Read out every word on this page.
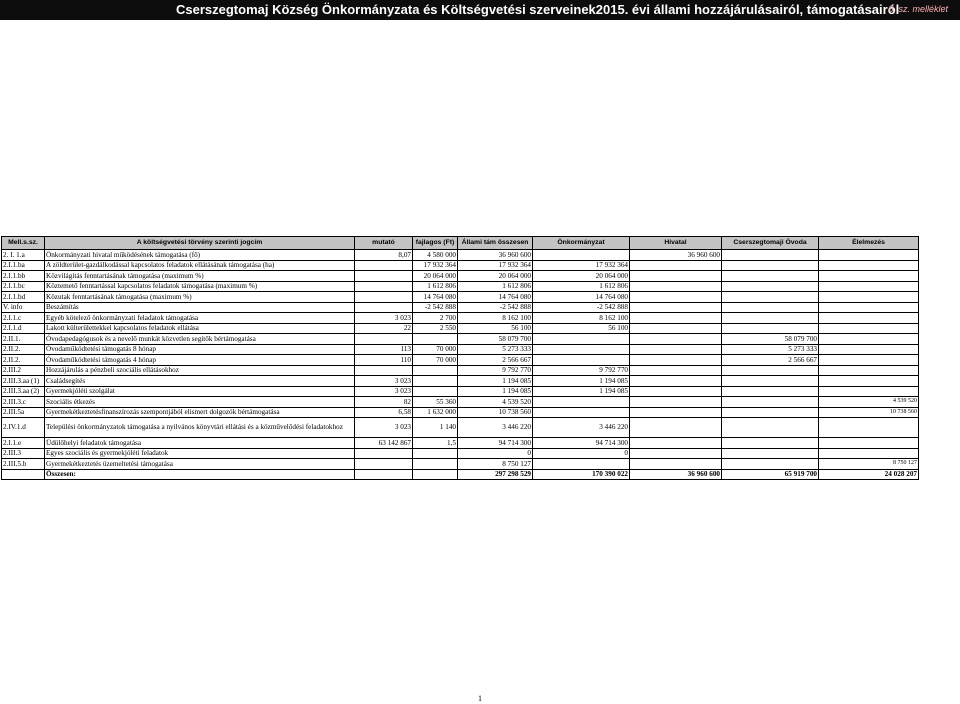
Cserszegtomaj Község Önkormányzata és Költségvetési szerveinek2015. évi állami hozzájárulásairól, támogatásairól
8. sz. melléklet
Mell.s.sz.	A költségvetési törvény szerinti jogcím	mutató	fajlagos (Ft)	Állami tám összesen	Önkormányzat	Hivatal	Cserszegtomaji Óvoda	Élelmezés
2. I. 1.a	Önkormányzati hivatal működésének támogatása (fő)	8,07	4 580 000	36 960 600		36 960 600		
2.I.1.ba	A zöldterület-gazdálkodással kapcsolatos feladatok ellátásának támogatása (ha)		17 932 364	17 932 364	17 932 364			
2.I.1.bb	Közvilágítás fenntartásának támogatása (maximum %)		20 064 000	20 064 000	20 064 000			
2.I.1.bc	Köztemető fenntartással kapcsolatos feladatok támogatása (maximum %)		1 612 806	1 612 806	1 612 806			
2.I.1.bd	Közutak fenntartásának támogatása (maximum %)		14 764 080	14 764 080	14 764 080			
V. info	Beszámítás		-2 542 888	-2 542 888	-2 542 888			
2.I.1.c	Egyéb kötelező önkormányzati feladatok támogatása	3 023	2 700	8 162 100	8 162 100			
2.I.1.d	Lakott külterülettekkel kapcsolatos feladatok ellátása	22	2 550	56 100	56 100			
2.II.1.	Óvodapedagógusok és a nevelő munkát közvetlen segítők bértámogatása			58 079 700			58 079 700	
2.II.2.	Óvodaműködtetési támogatás 8 hónap	113	70 000	5 273 333			5 273 333	
2.II.2.	Óvodaműködtetési támogatás 4 hónap	110	70 000	2 566 667			2 566 667	
2.III.2	Hozzájárulás a pénzbeli szociális ellátásokhoz			9 792 770	9 792 770			
2.III.3.aa (1)	Családsegítés	3 023		1 194 085	1 194 085			
2.III.3.aa (2)	Gyermekjóléti szolgálat	3 023		1 194 085	1 194 085			
2.III.3.c	Szociális étkezés	82	55 360	4 539 520				4 539 520
2.III.5a	Gyermekétkeztetésfinanszírozás szempontjából elismert dolgozók bértámogatása	6,58	1 632 000	10 738 560				10 738 560
2.IV.1.d	Települési önkormányzatok támogatása a nyilvános könyvtári ellátási és a közművelődési feladatokhoz	3 023	1 140	3 446 220	3 446 220			
2.I.1.e	Üdülőhelyi feladatok támogatása	63 142 867	1,5	94 714 300	94 714 300			
2.III.3	Egyes szociális és gyermekjóléti feladatok			0	0			
2.III.5.b	Gyermekétkeztetés üzemeltetési támogatása			8 750 127				8 750 127
	Összesen:			297 298 529	170 390 022	36 960 600	65 919 700	24 028 207
1
